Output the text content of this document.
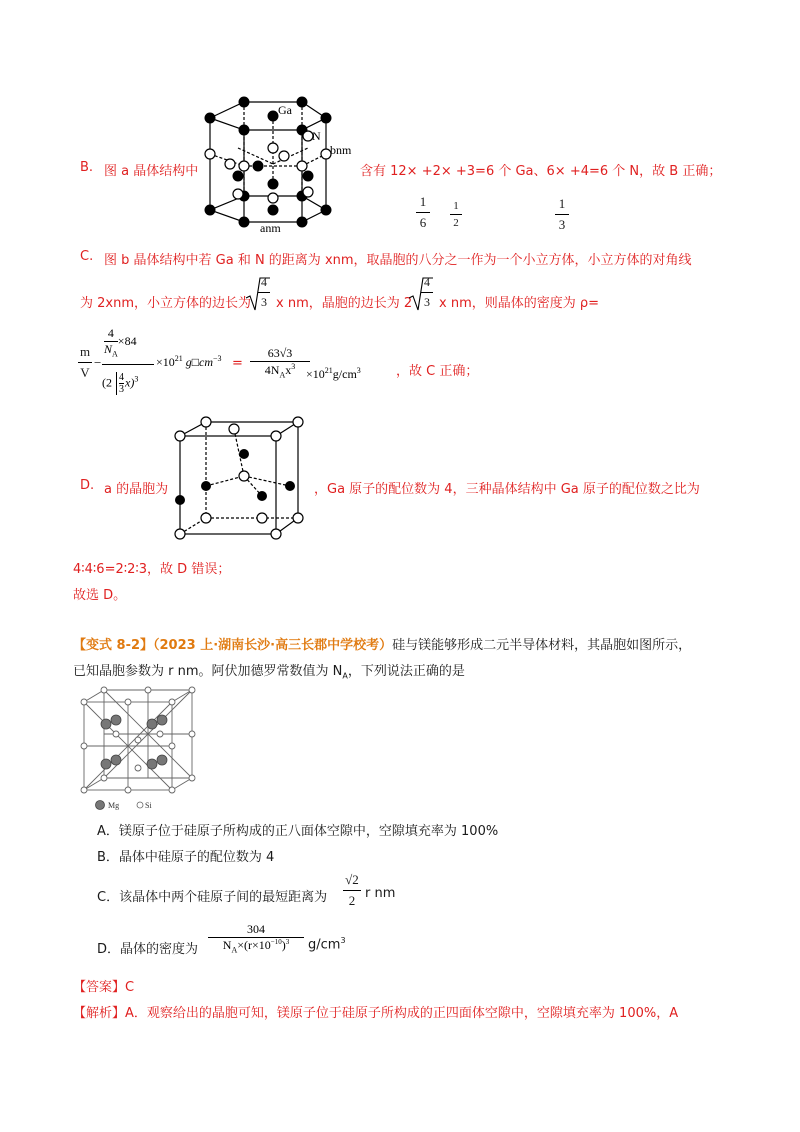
B. 图 a 晶体结构中
Ga
N
bnm
anm
含有 12× +2× +3=6 个 Ga、6× +4=6 个 N，故 B 正确；
1
6
1
2
1
3
C. 图 b 晶体结构中若 Ga 和 N 的距离为 xnm，取晶胞的八分之一作为一个小立方体，小立方体的对角线
为 2xnm，小立方体的边长为
4
3 x nm，晶胞的边长为 2
4
3 x nm，则晶体的密度为 ρ=
m
V
−
$\frac{4}{N_A} \times 84$
$(2 \frac{4}{3} x)^3$
$\times 10^{21}$ $g□cm^{-3}$ =
63√3
$4N_Ax^3$
$\times 10^{21}g/cm^3$	，故 C 正确；
D. a 的晶胞为	，Ga 原子的配位数为 4，三种晶体结构中 Ga 原子的配位数之比为
4∶4∶6=2∶2∶3，故 D 错误；
故选 D。
【变式 8-2】（2023 上·湖南长沙·高三长郡中学校考）硅与镁能够形成二元半导体材料，其晶胞如图所示，
已知晶胞参数为 r nm。阿伏加德罗常数值为 $N_A$，下列说法正确的是
Mg	Si
A．镁原子位于硅原子所构成的正八面体空隙中，空隙填充率为 100%
B．晶体中硅原子的配位数为 4
C．该晶体中两个硅原子间的最短距离为
√2
2 r nm
D．晶体的密度为
304
$N_A\times(r\times 10^{-10})^3$	$g/cm^3$
【答案】C
【解析】A．观察给出的晶胞可知，镁原子位于硅原子所构成的正四面体空隙中，空隙填充率为 100%，A
